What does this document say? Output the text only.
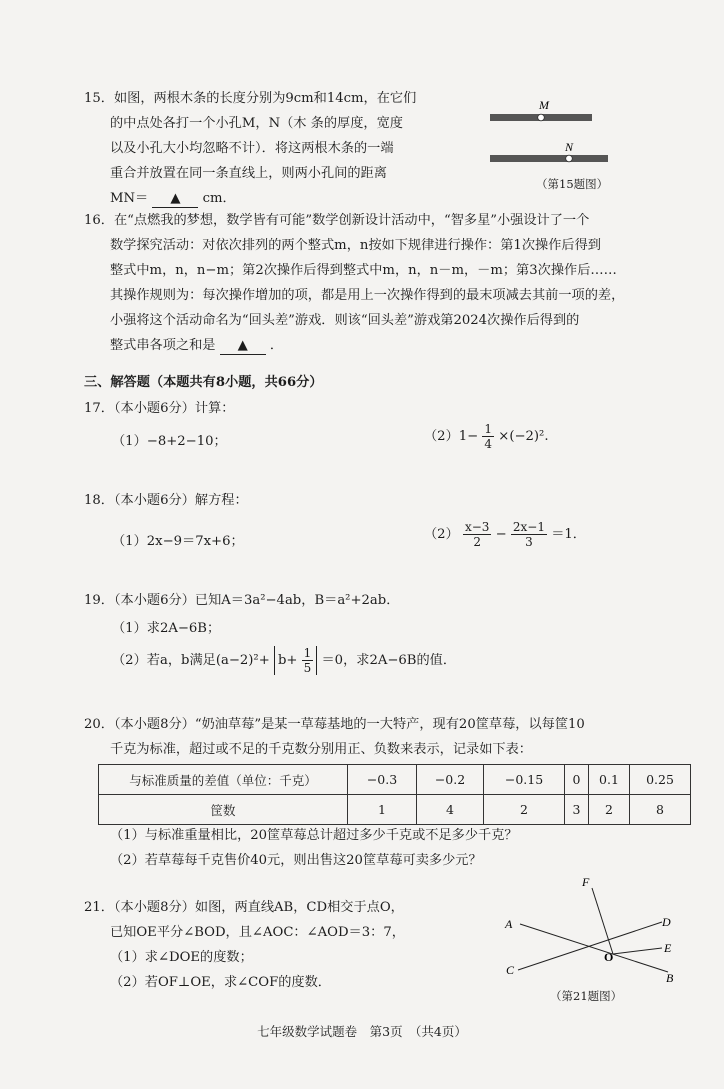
15．如图，两根木条的长度分别为9cm和14cm，在它们
的中点处各打一个小孔M，N（木 条的厚度，宽度
以及小孔大小均忽略不计）．将这两根木条的一端
重合并放置在同一条直线上，则两小孔间的距离
MN＝ ▲ cm．
M
N
（第15题图）
16．在“点燃我的梦想，数学皆有可能”数学创新设计活动中，“智多星”小强设计了一个
数学探究活动：对依次排列的两个整式m，n按如下规律进行操作：第1次操作后得到
整式中m，n，n−m；第2次操作后得到整式中m，n，n－m，－m；第3次操作后……
其操作规则为：每次操作增加的项，都是用上一次操作得到的最末项减去其前一项的差，
小强将这个活动命名为“回头差”游戏．则该“回头差”游戏第2024次操作后得到的
整式串各项之和是 ▲ ．
三、解答题（本题共有8小题，共66分）
17．（本小题6分）计算：
（1）−8+2−10；	$(2)1- \frac{1}{4} \times(-2)^2$.
18．（本小题6分）解方程：
（1）2x−9＝7x+6；	$(2) \frac{x-3}{2} - \frac{2x-1}{3} =1$．
19．（本小题6分）已知A＝3a²−4ab，B＝a²+2ab．
（1）求2A−6B；
（2）若a，b满足$(a-2)^2+ b+ \frac{1}{5} =0$，求2A−6B的值．
20．（本小题8分）“奶油草莓”是某一草莓基地的一大特产，现有20筐草莓，以每筐10
千克为标准，超过或不足的千克数分别用正、负数来表示，记录如下表：
与标准质量的差值（单位：千克）	−0.3	−0.2	−0.15	0	0.1	0.25
筐数	1	4	2	3	2	8
（1）与标准重量相比，20筐草莓总计超过多少千克或不足多少千克？
（2）若草莓每千克售价40元，则出售这20筐草莓可卖多少元？
21．（本小题8分）如图，两直线AB，CD相交于点O，
已知OE平分∠BOD，且∠AOC：∠AOD＝3：7，
（1）求∠DOE的度数；
（2）若OF⊥OE，求∠COF的度数．
F
A	D
E
O
C
B
（第21题图）
七年级数学试题卷　第3页　（共4页）
